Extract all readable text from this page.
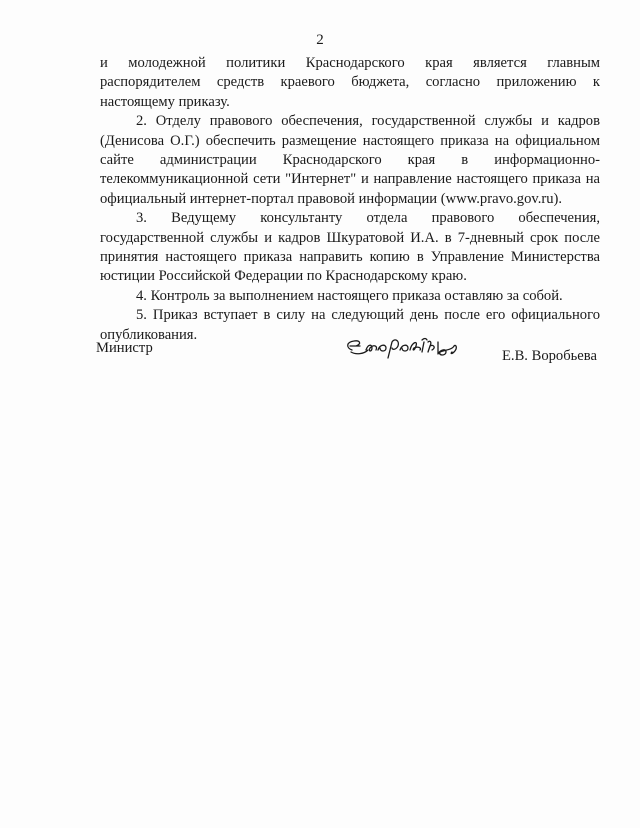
2

и молодежной политики Краснодарского края является главным распорядителем средств краевого бюджета, согласно приложению к настоящему приказу.

2. Отделу правового обеспечения, государственной службы и кадров (Денисова О.Г.) обеспечить размещение настоящего приказа на официальном сайте администрации Краснодарского края в информационно-телекоммуникационной сети "Интернет" и направление настоящего приказа на официальный интернет-портал правовой информации (www.pravo.gov.ru).

3. Ведущему консультанту отдела правового обеспечения, государственной службы и кадров Шкуратовой И.А. в 7-дневный срок после принятия настоящего приказа направить копию в Управление Министерства юстиции Российской Федерации по Краснодарскому краю.

4. Контроль за выполнением настоящего приказа оставляю за собой.

5. Приказ вступает в силу на следующий день после его официального опубликования.

Министр	Е.В. Воробьева
